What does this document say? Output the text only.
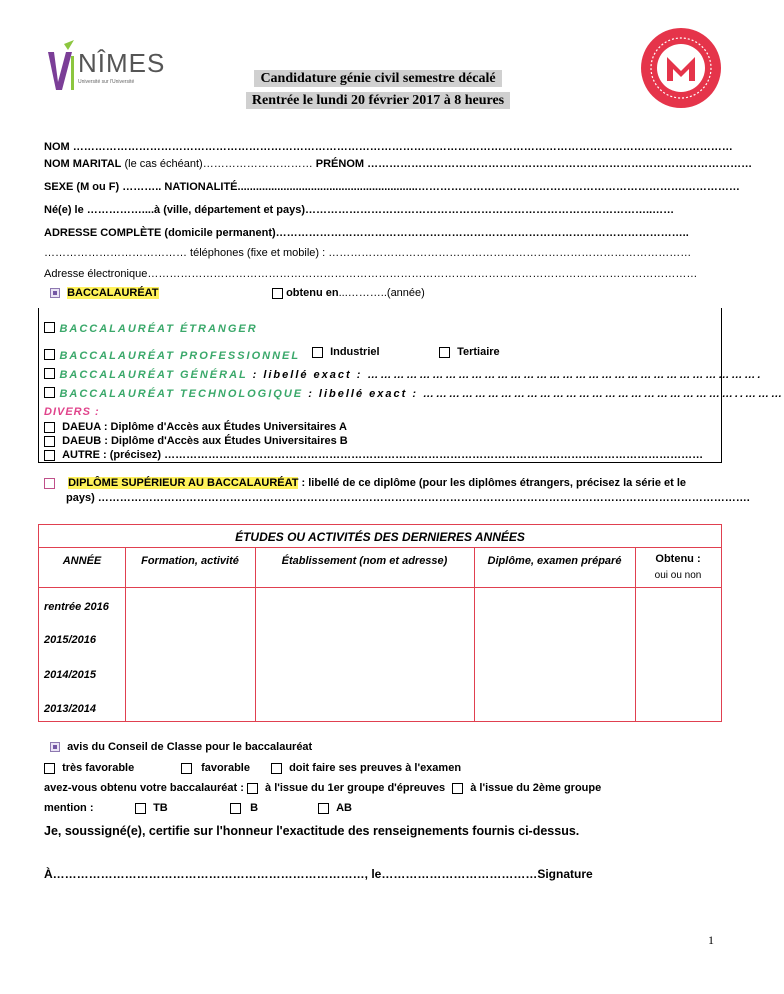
NÎMES
Université sur l'Université	Candidature génie civil semestre décalé
Rentrée le lundi 20 février 2017 à 8 heures
NOM ………………………………………………………………………………………………………………………………………………………………
NOM MARITAL (le cas échéant)………………………… PRÉNOM ……………………………………………………………………………………………
SEXE (M ou F) ……….. NATIONALITÉ...........................................................……………………………………………………………….……………
Né(e) le ……………....à (ville, département et pays)…………………………………………………………………………………..……
ADRESSE COMPLÈTE (domicile permanent)…………………………………………………………………………………………………..
………………………………… téléphones (fixe et mobile) : ………………………………………………………………………………………
Adresse électronique……………………………………………………………………………………………………………………………………
BACCALAURÉAT	obtenu en...………..(année)
BACCALAURÉAT ÉTRANGER
BACCALAURÉAT PROFESSIONNEL	Industriel	Tertiaire
BACCALAURÉAT GÉNÉRAL : libellé exact : ……………………………………………………………………………….
BACCALAURÉAT TECHNOLOGIQUE : libellé exact : ………………………………………………………………..………
DIVERS :
DAEUA : Diplôme d'Accès aux Études Universitaires A
DAEUB : Diplôme d'Accès aux Études Universitaires B
AUTRE : (précisez) …………………………………………………………………………………………………………………………………
DIPLÔME SUPÉRIEUR AU BACCALAURÉAT : libellé de ce diplôme (pour les diplômes étrangers, précisez la série et le
pays) …………………………………………………………………………………………………………………………………………………………….
ÉTUDES OU ACTIVITÉS DES DERNIERES ANNÉES
ANNÉE	Formation, activité	Établissement (nom et adresse)	Diplôme, examen préparé	Obtenu :
oui ou non
rentrée 2016
2015/2016
2014/2015
2013/2014
avis du Conseil de Classe pour le baccalauréat
très favorable	favorable	doit faire ses preuves à l'examen
avez-vous obtenu votre baccalauréat : à l'issue du 1er groupe d'épreuves à l'issue du 2ème groupe
mention :	TB	B	AB
Je, soussigné(e), certifie sur l'honneur l'exactitude des renseignements fournis ci-dessus.
À……………………………………………………………………, le…………………………………Signature
1
